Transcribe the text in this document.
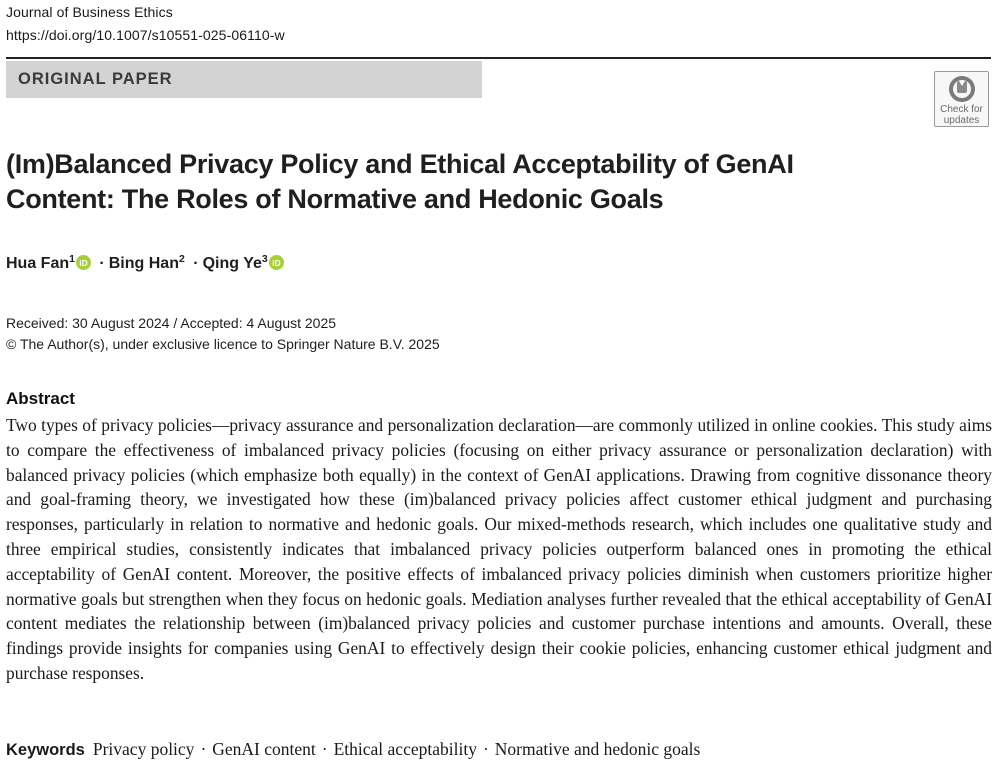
Journal of Business Ethics
https://doi.org/10.1007/s10551-025-06110-w
ORIGINAL PAPER
Check for
updates
(Im)Balanced Privacy Policy and Ethical Acceptability of GenAI
Content: The Roles of Normative and Hedonic Goals
Hua Fan$^1$ iD · Bing Han$^2$ · Qing Ye$^3$ iD
Received: 30 August 2024 / Accepted: 4 August 2025
© The Author(s), under exclusive licence to Springer Nature B.V. 2025
Abstract

Two types of privacy policies—privacy assurance and personalization declaration—are commonly utilized in online cookies. This study aims to compare the effectiveness of imbalanced privacy policies (focusing on either privacy assurance or personalization declaration) with balanced privacy policies (which emphasize both equally) in the context of GenAI applications. Drawing from cognitive dissonance theory and goal-framing theory, we investigated how these (im)balanced privacy policies affect customer ethical judgment and purchasing responses, particularly in relation to normative and hedonic goals. Our mixed-methods research, which includes one qualitative study and three empirical studies, consistently indicates that imbalanced privacy policies outperform balanced ones in promoting the ethical acceptability of GenAI content. Moreover, the positive effects of imbalanced privacy policies diminish when customers prioritize higher normative goals but strengthen when they focus on hedonic goals. Mediation analyses further revealed that the ethical acceptability of GenAI content mediates the relationship between (im)balanced privacy policies and customer purchase intentions and amounts. Overall, these findings provide insights for companies using GenAI to effectively design their cookie policies, enhancing customer ethical judgment and purchase responses.

Keywords Privacy policy · GenAI content · Ethical acceptability · Normative and hedonic goals
